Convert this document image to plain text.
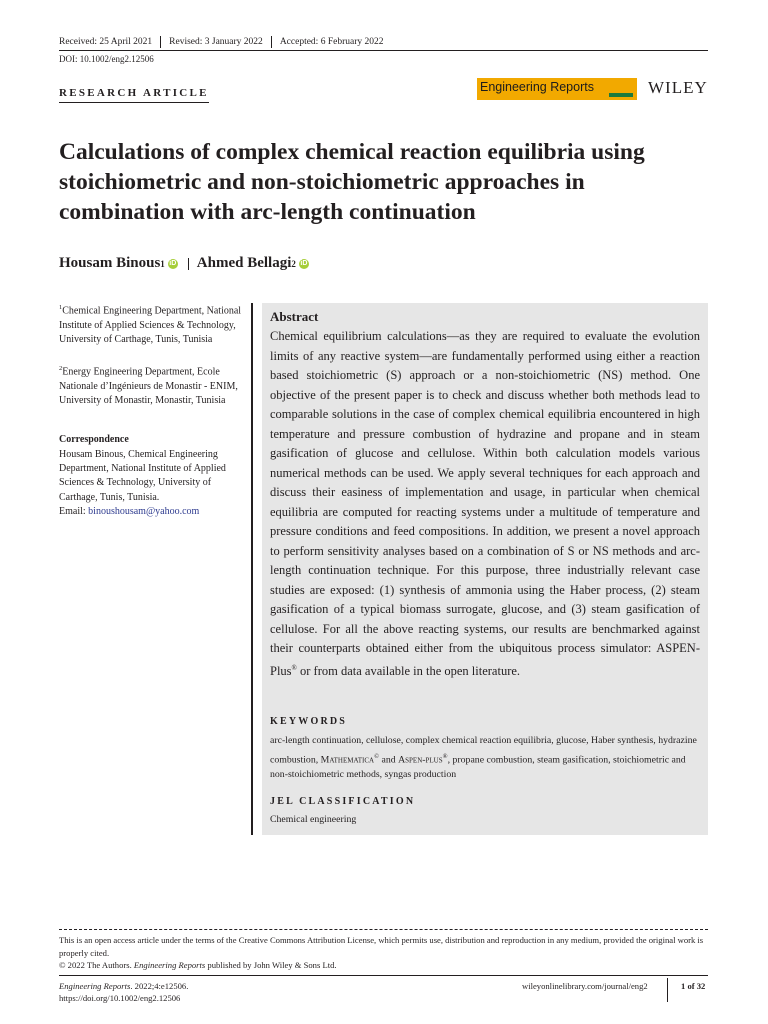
Received: 25 April 2021	Revised: 3 January 2022	Accepted: 6 February 2022
DOI: 10.1002/eng2.12506
RESEARCH ARTICLE	Engineering Reports	WILEY
Calculations of complex chemical reaction equilibria using stoichiometric and non-stoichiometric approaches in combination with arc-length continuation
Housam Binous 1 iD Ahmed Bellagi 2 iD
$^1$Chemical Engineering Department, National Institute of Applied Sciences & Technology, University of Carthage, Tunis, Tunisia
$^2$Energy Engineering Department, Ecole Nationale d’Ingénieurs de Monastir - ENIM, University of Monastir, Monastir, Tunisia
Correspondence
Housam Binous, Chemical Engineering Department, National Institute of Applied Sciences & Technology, University of Carthage, Tunis, Tunisia.
Email: binoushousam@yahoo.com
Abstract
Chemical equilibrium calculations—as they are required to evaluate the evolution limits of any reactive system—are fundamentally performed using either a reaction based stoichiometric (S) approach or a non-stoichiometric (NS) method. One objective of the present paper is to check and discuss whether both methods lead to comparable solutions in the case of complex chemical equilibria encountered in high temperature and pressure combustion of hydrazine and propane and in steam gasification of glucose and cellulose. Within both calculation models various numerical methods can be used. We apply several techniques for each approach and discuss their easiness of implementation and usage, in particular when chemical equilibria are computed for reacting systems under a multitude of temperature and pressure conditions and feed compositions. In addition, we present a novel approach to perform sensitivity analyses based on a combination of S or NS methods and arc-length continuation technique. For this purpose, three industrially relevant case studies are exposed: (1) synthesis of ammonia using the Haber process, (2) steam gasification of a typical biomass surrogate, glucose, and (3) steam gasification of cellulose. For all the above reacting systems, our results are benchmarked against their counterparts obtained either from the ubiquitous process simulator: ASPEN-Plus® or from data available in the open literature.
KEYWORDS
arc-length continuation, cellulose, complex chemical reaction equilibria, glucose, Haber synthesis, hydrazine combustion, Mathematica© and Aspen-plus®, propane combustion, steam gasification, stoichiometric and non-stoichiometric methods, syngas production
JEL CLASSIFICATION
Chemical engineering
This is an open access article under the terms of the Creative Commons Attribution License, which permits use, distribution and reproduction in any medium, provided the original work is properly cited.
© 2022 The Authors. Engineering Reports published by John Wiley & Sons Ltd.
Engineering Reports. 2022;4:e12506.
https://doi.org/10.1002/eng2.12506
wileyonlinelibrary.com/journal/eng2	1 of 32
